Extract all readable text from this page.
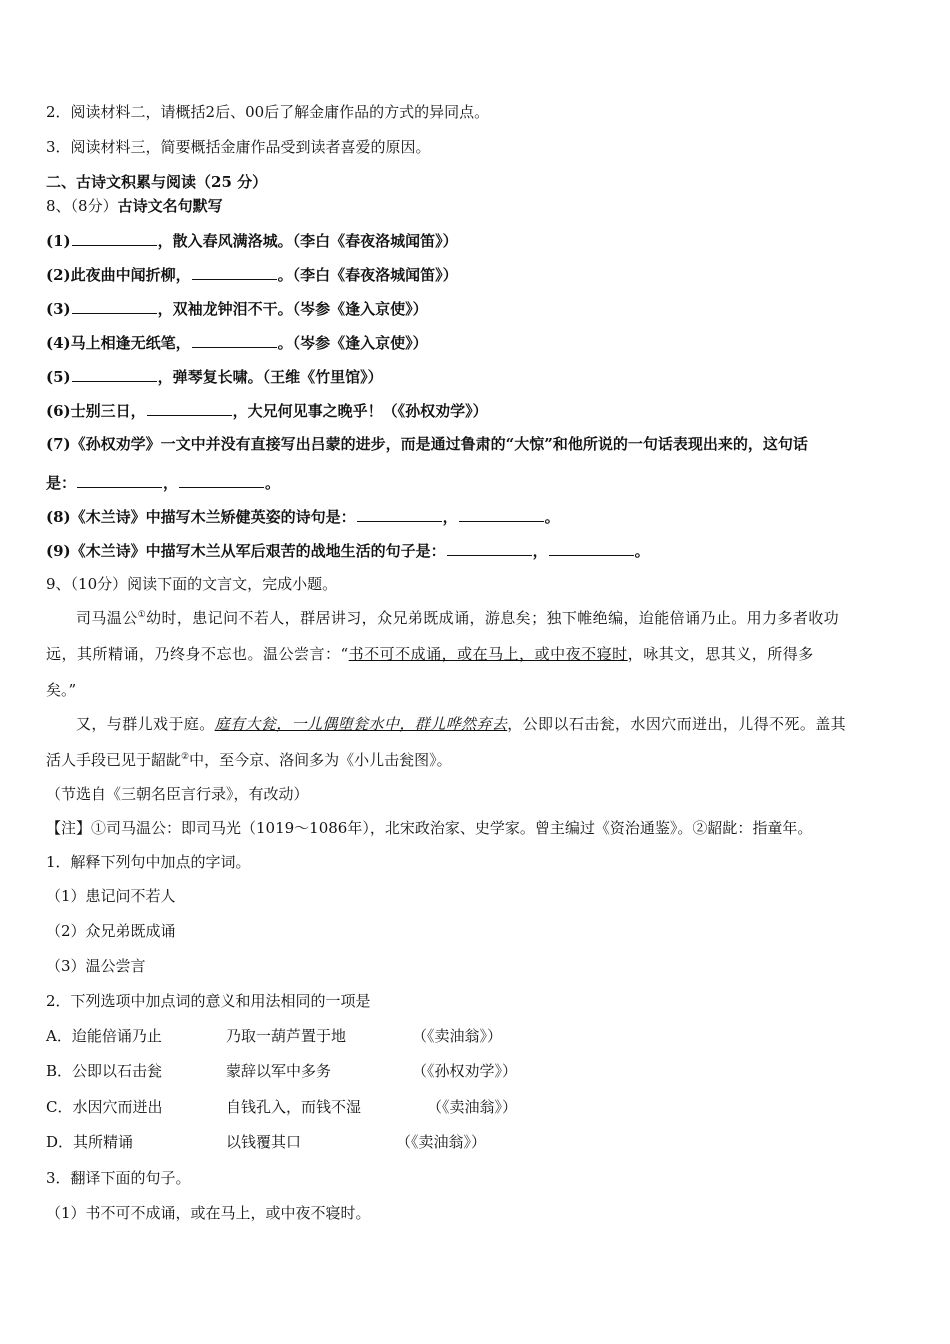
2．阅读材料二，请概括2后、00后了解金庸作品的方式的异同点。
3．阅读材料三，简要概括金庸作品受到读者喜爱的原因。
二、古诗文积累与阅读（25 分）
8、（8分）古诗文名句默写
(1)	，散入春风满洛城。（李白《春夜洛城闻笛》）
(2)此夜曲中闻折柳，	。（李白《春夜洛城闻笛》）
(3)	，双袖龙钟泪不干。（岑参《逢入京使》）
(4)马上相逢无纸笔，	。（岑参《逢入京使》）
(5)	，弹琴复长啸。（王维《竹里馆》）
(6)士别三日，	，大兄何见事之晚乎！（《孙权劝学》）
(7)《孙权劝学》一文中并没有直接写出吕蒙的进步，而是通过鲁肃的“大惊”和他所说的一句话表现出来的，这句话
是：	，	。
(8)《木兰诗》中描写木兰矫健英姿的诗句是：	，	。
(9)《木兰诗》中描写木兰从军后艰苦的战地生活的句子是：	，	。
9、（10分）阅读下面的文言文，完成小题。
司马温公①幼时，患记问不若人，群居讲习，众兄弟既成诵，游息矣；独下帷绝编，迨能倍诵乃止。用力多者收功
远，其所精诵，乃终身不忘也。温公尝言：“书不可不成诵，或在马上，或中夜不寝时，咏其文，思其义，所得多
矣。”
又，与群儿戏于庭。庭有大瓮，一儿偶堕瓮水中，群儿哗然弃去，公即以石击瓮，水因穴而迸出，儿得不死。盖其
活人手段已见于龆龀②中，至今京、洛间多为《小儿击瓮图》。
（节选自《三朝名臣言行录》，有改动）
【注】①司马温公：即司马光（1019～1086年），北宋政治家、史学家。曾主编过《资治通鉴》。②龆龀：指童年。
1．解释下列句中加点的字词。
（1）患记问不若人
（2）众兄弟既成诵
（3）温公尝言
2．下列选项中加点词的意义和用法相同的一项是
A．迨能倍诵乃止	乃取一葫芦置于地	（《卖油翁》）
B．公即以石击瓮	蒙辞以军中多务	（《孙权劝学》）
C．水因穴而迸出	自钱孔入，而钱不湿	（《卖油翁》）
D．其所精诵	以钱覆其口	（《卖油翁》）
3．翻译下面的句子。
（1）书不可不成诵，或在马上，或中夜不寝时。
